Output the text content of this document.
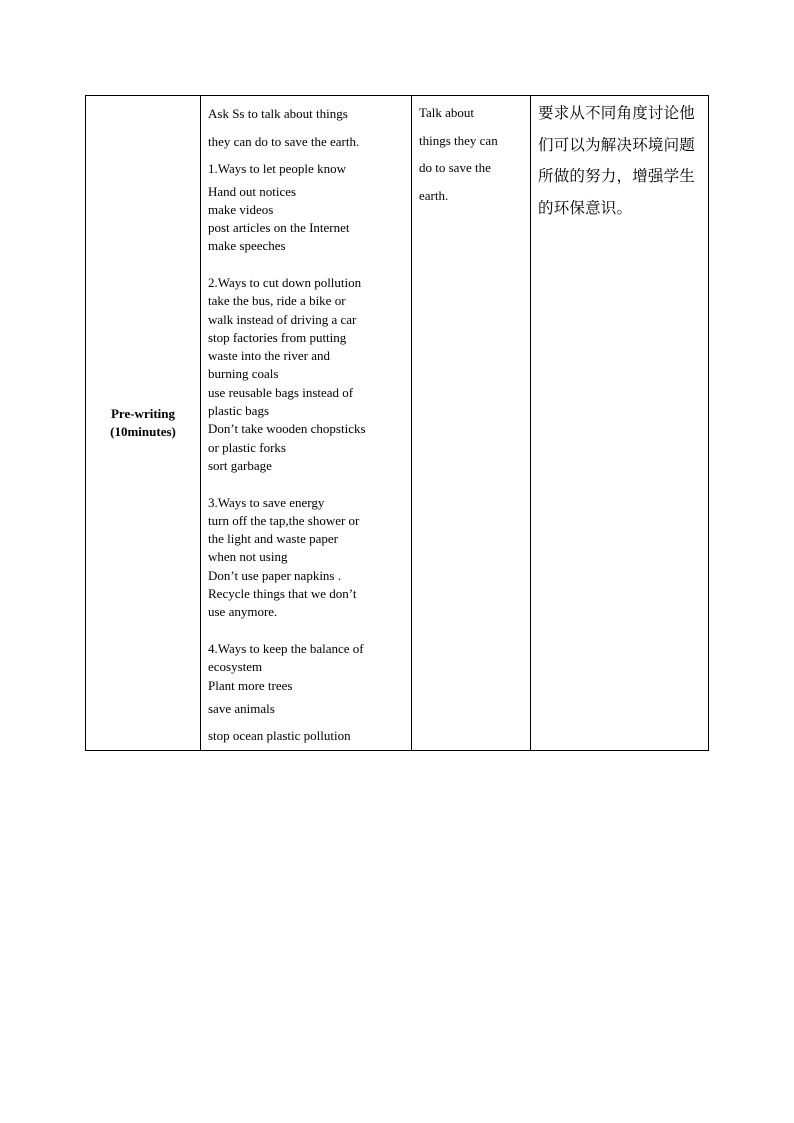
Pre-writing
(10minutes)

Ask Ss to talk about things
they can do to save the earth.
1.Ways to let people know
Hand out notices
make videos
post articles on the Internet
make speeches
2.Ways to cut down pollution
take the bus, ride a bike or
walk instead of driving a car
stop factories from putting
waste into the river and
burning coals
use reusable bags instead of
plastic bags
Don’t take wooden chopsticks
or plastic forks
sort garbage
3.Ways to save energy
turn off the tap,the shower or
the light and waste paper
when not using
Don’t use paper napkins .
Recycle things that we don’t
use anymore.
4.Ways to keep the balance of
ecosystem
Plant more trees
save animals
stop ocean plastic pollution

Talk about
things they can
do to save the
earth.

要求从不同角度讨论他
们可以为解决环境问题
所做的努力，增强学生
的环保意识。
